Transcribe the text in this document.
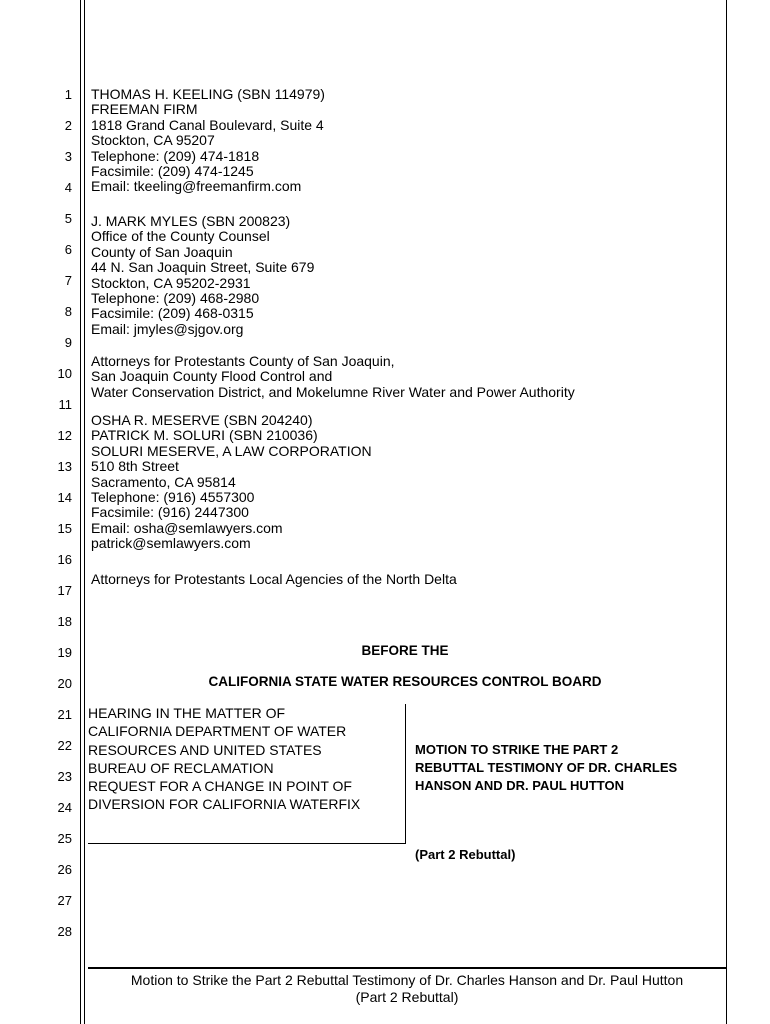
1
2
3
4
5
6
7
8
9
10
11
12
13
14
15
16
17
18
19
20
21
22
23
24
25
26
27
28
THOMAS H. KEELING (SBN 114979)
FREEMAN FIRM
1818 Grand Canal Boulevard, Suite 4
Stockton, CA 95207
Telephone: (209) 474-1818
Facsimile: (209) 474-1245
Email: tkeeling@freemanfirm.com
J. MARK MYLES (SBN 200823)
Office of the County Counsel
County of San Joaquin
44 N. San Joaquin Street, Suite 679
Stockton, CA 95202-2931
Telephone: (209) 468-2980
Facsimile: (209) 468-0315
Email: jmyles@sjgov.org
Attorneys for Protestants County of San Joaquin,
San Joaquin County Flood Control and
Water Conservation District, and Mokelumne River Water and Power Authority
OSHA R. MESERVE (SBN 204240)
PATRICK M. SOLURI (SBN 210036)
SOLURI MESERVE, A LAW CORPORATION
510 8th Street
Sacramento, CA 95814
Telephone: (916) 4557300
Facsimile: (916) 2447300
Email: osha@semlawyers.com
patrick@semlawyers.com
Attorneys for Protestants Local Agencies of the North Delta
BEFORE THE
CALIFORNIA STATE WATER RESOURCES CONTROL BOARD
HEARING IN THE MATTER OF
CALIFORNIA DEPARTMENT OF WATER
RESOURCES AND UNITED STATES
BUREAU OF RECLAMATION
REQUEST FOR A CHANGE IN POINT OF
DIVERSION FOR CALIFORNIA WATERFIX

MOTION TO STRIKE THE PART 2
REBUTTAL TESTIMONY OF DR. CHARLES
HANSON AND DR. PAUL HUTTON

(Part 2 Rebuttal)

Motion to Strike the Part 2 Rebuttal Testimony of Dr. Charles Hanson and Dr. Paul Hutton
(Part 2 Rebuttal)
